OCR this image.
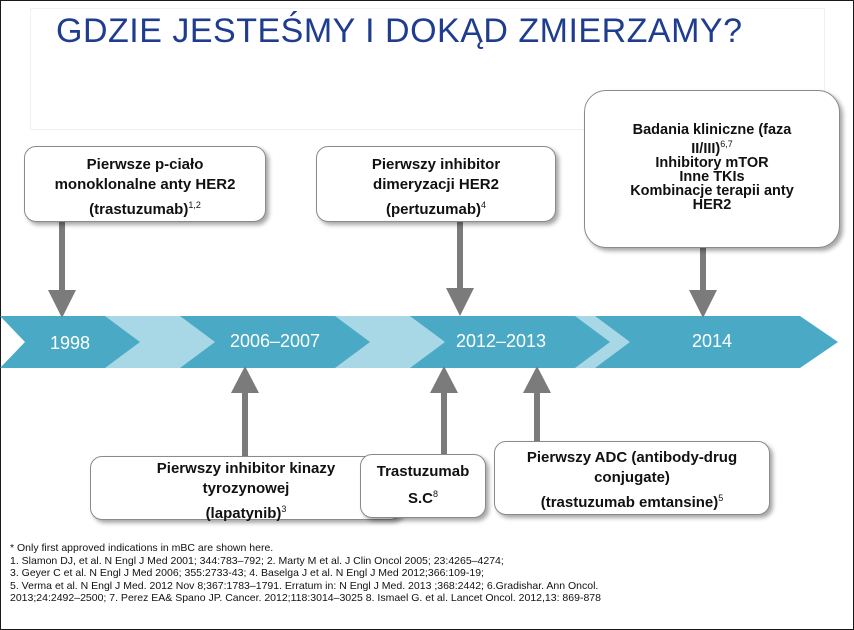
GDZIE JESTEŚMY I DOKĄD ZMIERZAMY?
1998	2006–2007	2012–2013	2014
Pierwsze p-ciało
monoklonalne anty HER2
(trastuzumab)$^{1,2}$
Pierwszy inhibitor
dimeryzacji HER2
(pertuzumab)$^4$
Badania kliniczne (faza
II/III)$^{6,7}$
Inhibitory mTOR
Inne TKIs
Kombinacje terapii anty
HER2
Pierwszy inhibitor kinazy
tyrozynowej
(lapatynib)$^3$
Trastuzumab
$S.C^8$
Pierwszy ADC (antibody-drug
conjugate)
(trastuzumab emtansine)$^5$
* Only first approved indications in mBC are shown here.
1. Slamon DJ, et al. N Engl J Med 2001; 344:783–792; 2. Marty M et al. J Clin Oncol 2005; 23:4265–4274;
3. Geyer C et al. N Engl J Med 2006; 355:2733-43; 4. Baselga J et al. N Engl J Med 2012;366:109-19;
5. Verma et al. N Engl J Med. 2012 Nov 8;367:1783–1791. Erratum in: N Engl J Med. 2013 ;368:2442; 6.Gradishar. Ann Oncol.
2013;24:2492–2500; 7. Perez EA& Spano JP. Cancer. 2012;118:3014–3025 8. Ismael G. et al. Lancet Oncol. 2012,13: 869-878
